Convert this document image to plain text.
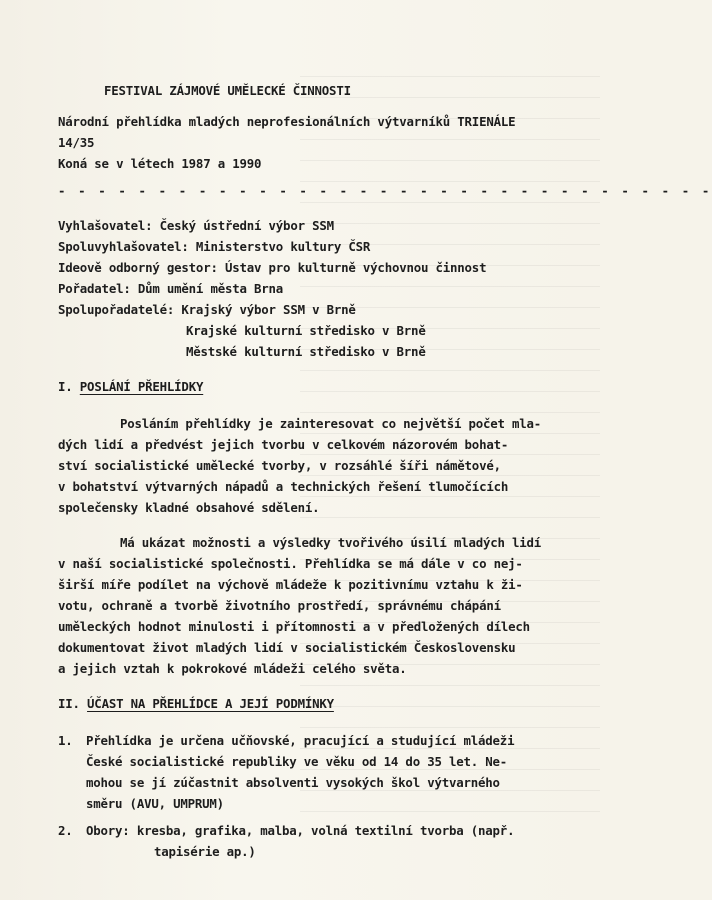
FESTIVAL ZÁJMOVÉ UMĚLECKÉ ČINNOSTI
Národní přehlídka mladých neprofesionálních výtvarníků TRIENÁLE
14/35
Koná se v létech 1987 a 1990
- - - - - - - - - - - - - - - - - - - - - - - - - - - - - - - - -
Vyhlašovatel: Český ústřední výbor SSM
Spoluvyhlašovatel: Ministerstvo kultury ČSR
Ideově odborný gestor: Ústav pro kulturně výchovnou činnost
Pořadatel: Dům umění města Brna
Spolupořadatelé: Krajský výbor SSM v Brně
Krajské kulturní středisko v Brně
Městské kulturní středisko v Brně
I. POSLÁNÍ PŘEHLÍDKY
Posláním přehlídky je zainteresovat co největší počet mla-
dých lidí a předvést jejich tvorbu v celkovém názorovém bohat-
ství socialistické umělecké tvorby, v rozsáhlé šíři námětové,
v bohatství výtvarných nápadů a technických řešení tlumočících
společensky kladné obsahové sdělení.
Má ukázat možnosti a výsledky tvořivého úsilí mladých lidí
v naší socialistické společnosti. Přehlídka se má dále v co nej-
širší míře podílet na výchově mládeže k pozitivnímu vztahu k ži-
votu, ochraně a tvorbě životního prostředí, správnému chápání
uměleckých hodnot minulosti i přítomnosti a v předložených dílech
dokumentovat život mladých lidí v socialistickém Československu
a jejich vztah k pokrokové mládeži celého světa.
II. ÚČAST NA PŘEHLÍDCE A JEJÍ PODMÍNKY
1. Přehlídka je určena učňovské, pracující a studující mládeži
České socialistické republiky ve věku od 14 do 35 let. Ne-
mohou se jí zúčastnit absolventi vysokých škol výtvarného
směru (AVU, UMPRUM)
2. Obory: kresba, grafika, malba, volná textilní tvorba (např.
tapisérie ap.)
